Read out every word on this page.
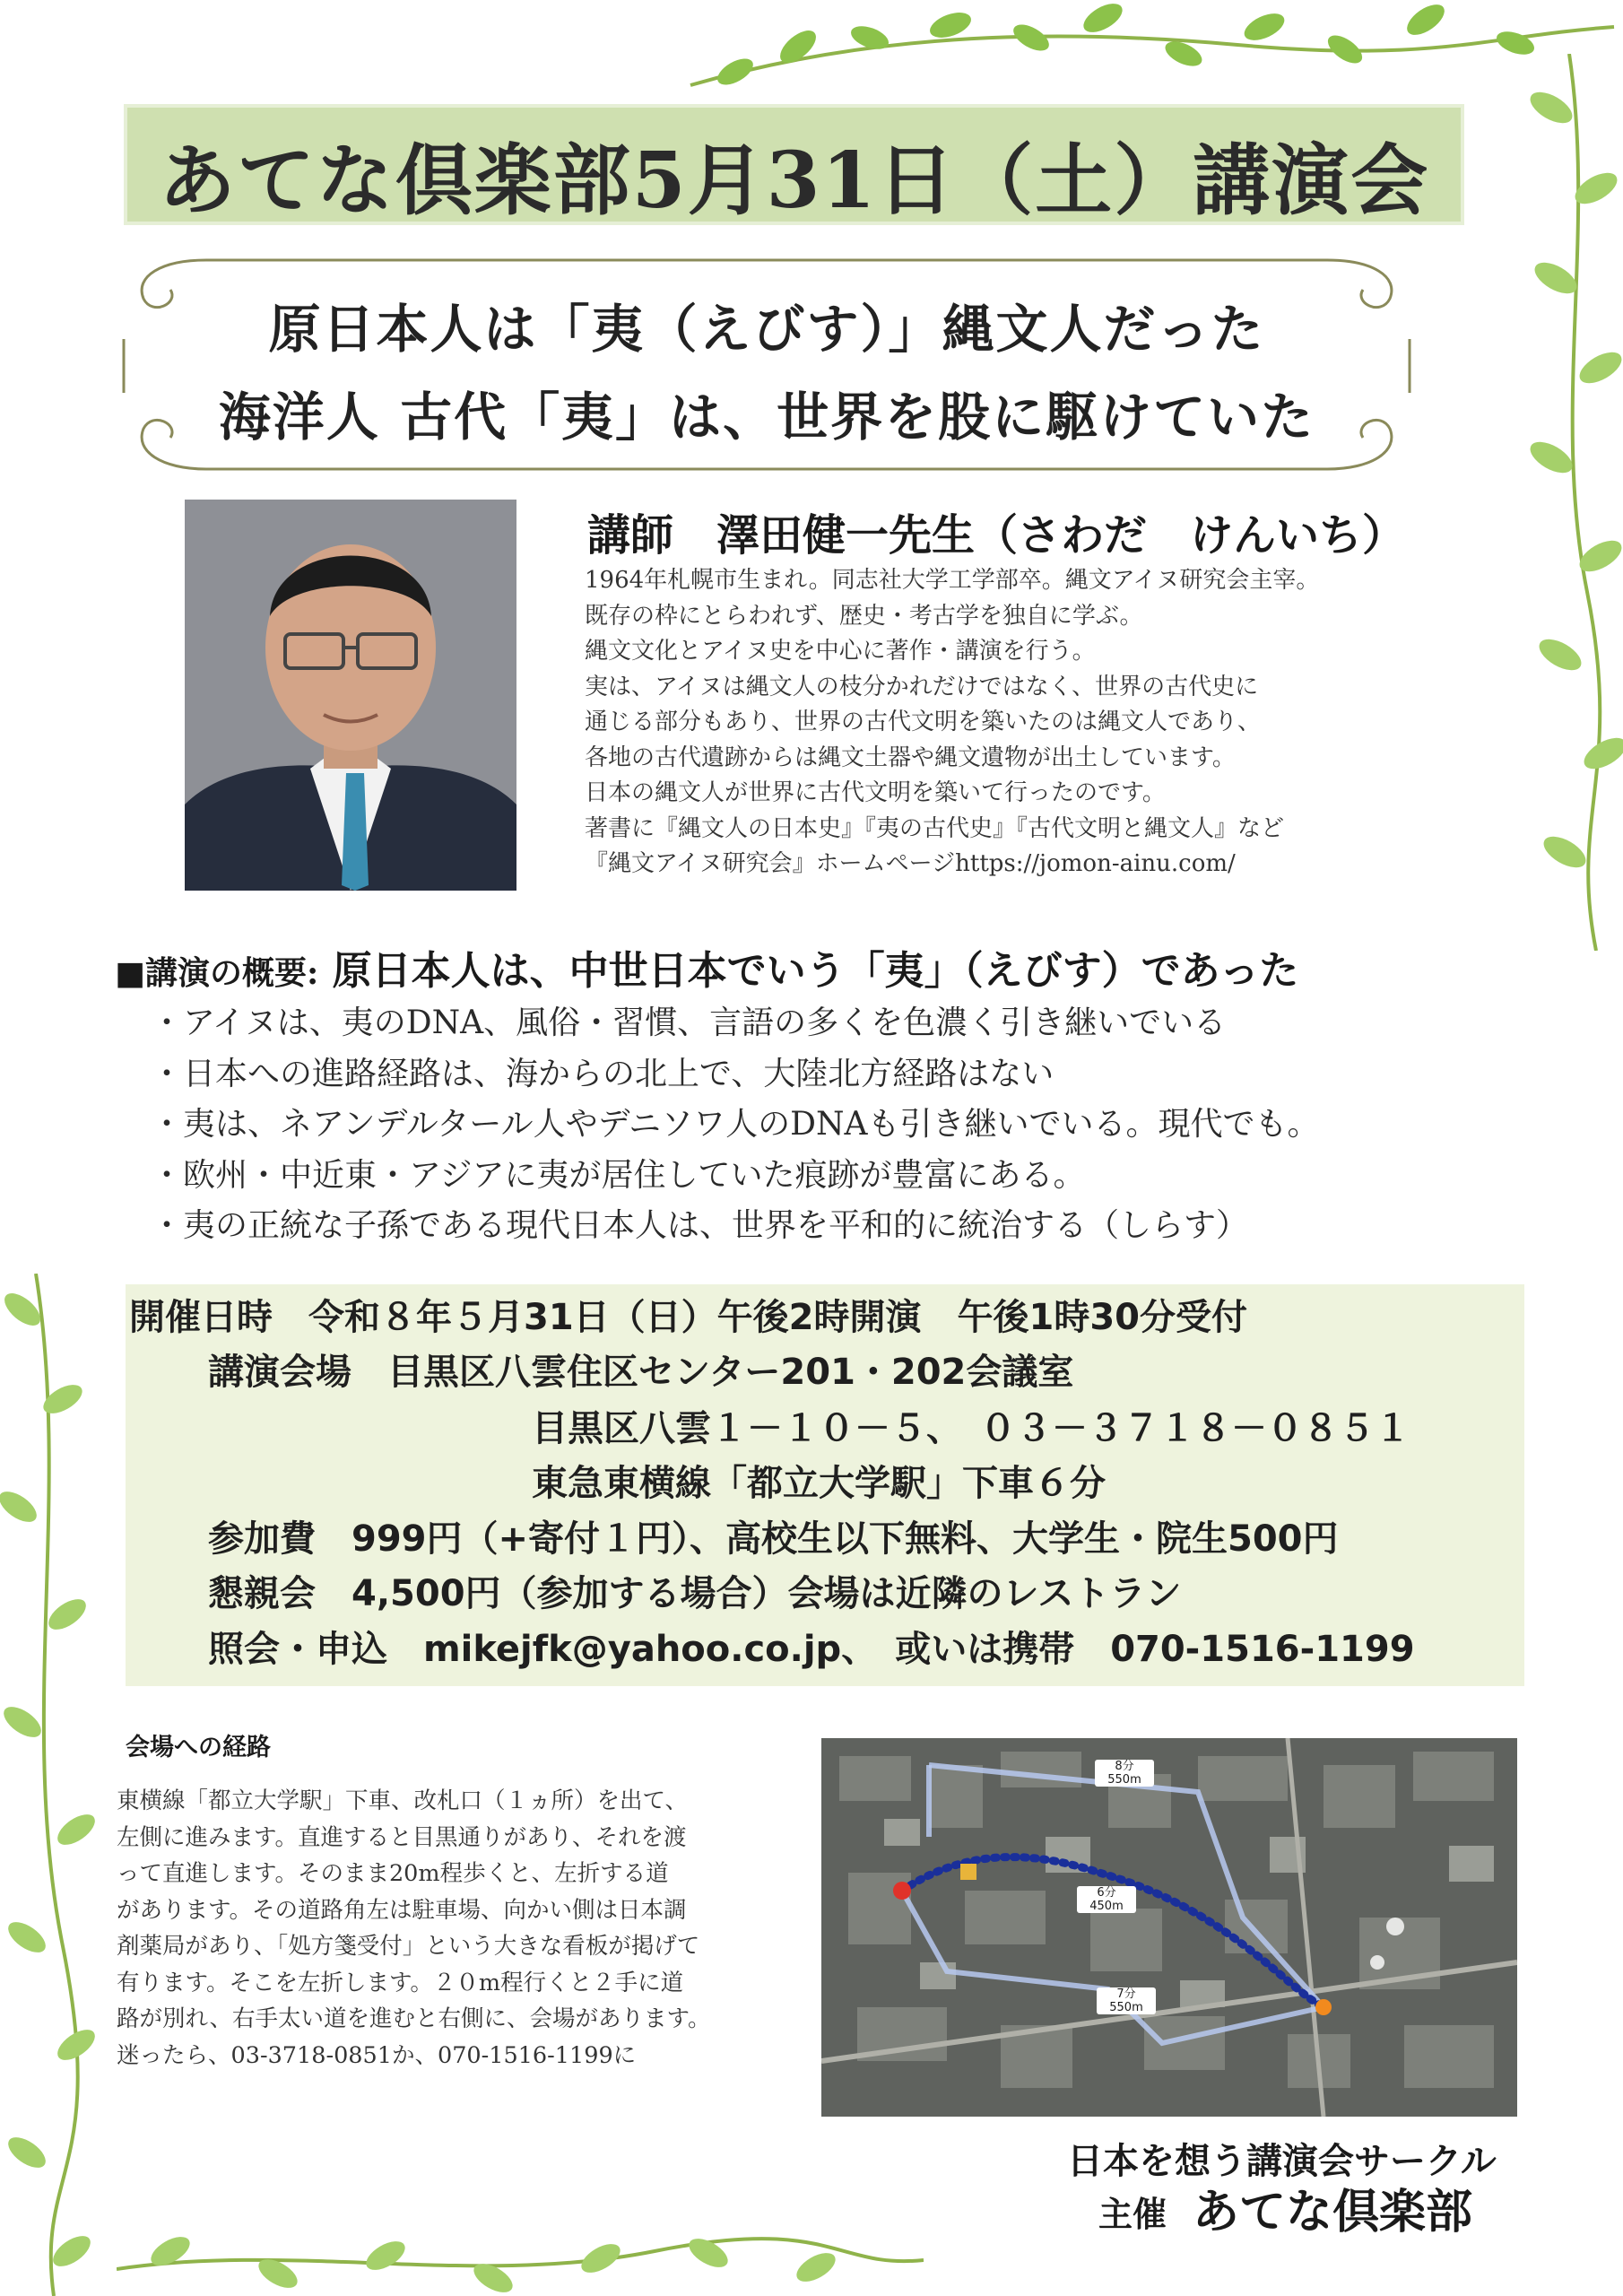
あてな倶楽部5月31日（土）講演会
原日本人は「夷（えびす）」縄文人だった
海洋人 古代「夷」は、世界を股に駆けていた
講師　澤田健一先生（さわだ　けんいち）
1964年札幌市生まれ。同志社大学工学部卒。縄文アイヌ研究会主宰。
既存の枠にとらわれず、歴史・考古学を独自に学ぶ。
縄文文化とアイヌ史を中心に著作・講演を行う。
実は、アイヌは縄文人の枝分かれだけではなく、世界の古代史に
通じる部分もあり、世界の古代文明を築いたのは縄文人であり、
各地の古代遺跡からは縄文土器や縄文遺物が出土しています。
日本の縄文人が世界に古代文明を築いて行ったのです。
著書に『縄文人の日本史』『夷の古代史』『古代文明と縄文人』など
『縄文アイヌ研究会』ホームページhttps://jomon-ainu.com/
■講演の概要: 原日本人は、中世日本でいう「夷」（えびす）であった
・アイヌは、夷のDNA、風俗・習慣、言語の多くを色濃く引き継いでいる
・日本への進路経路は、海からの北上で、大陸北方経路はない
・夷は、ネアンデルタール人やデニソワ人のDNAも引き継いでいる。現代でも。
・欧州・中近東・アジアに夷が居住していた痕跡が豊富にある。
・夷の正統な子孫である現代日本人は、世界を平和的に統治する（しらす）
開催日時　令和８年５月31日（日）午後2時開演　午後1時30分受付
講演会場　目黒区八雲住区センター201・202会議室
目黒区八雲１－１０－５、　０３－３７１８－０８５１
東急東横線「都立大学駅」下車６分
参加費　999円（+寄付１円）、高校生以下無料、大学生・院生500円
懇親会　4,500円（参加する場合）会場は近隣のレストラン
照会・申込　mikejfk@yahoo.co.jp、　或いは携帯　070-1516-1199
会場への経路
東横線「都立大学駅」下車、改札口（１ヵ所）を出て、
左側に進みます。直進すると目黒通りがあり、それを渡
って直進します。そのまま20m程歩くと、左折する道
があります。その道路角左は駐車場、向かい側は日本調
剤薬局があり、「処方箋受付」という大きな看板が掲げて
有ります。そこを左折します。２０m程行くと２手に道
路が別れ、右手太い道を進むと右側に、会場があります。
迷ったら、03-3718-0851か、070-1516-1199に
8分
550m
6分
450m
7分
550m
日本を想う講演会サークル
主催 あてな倶楽部
